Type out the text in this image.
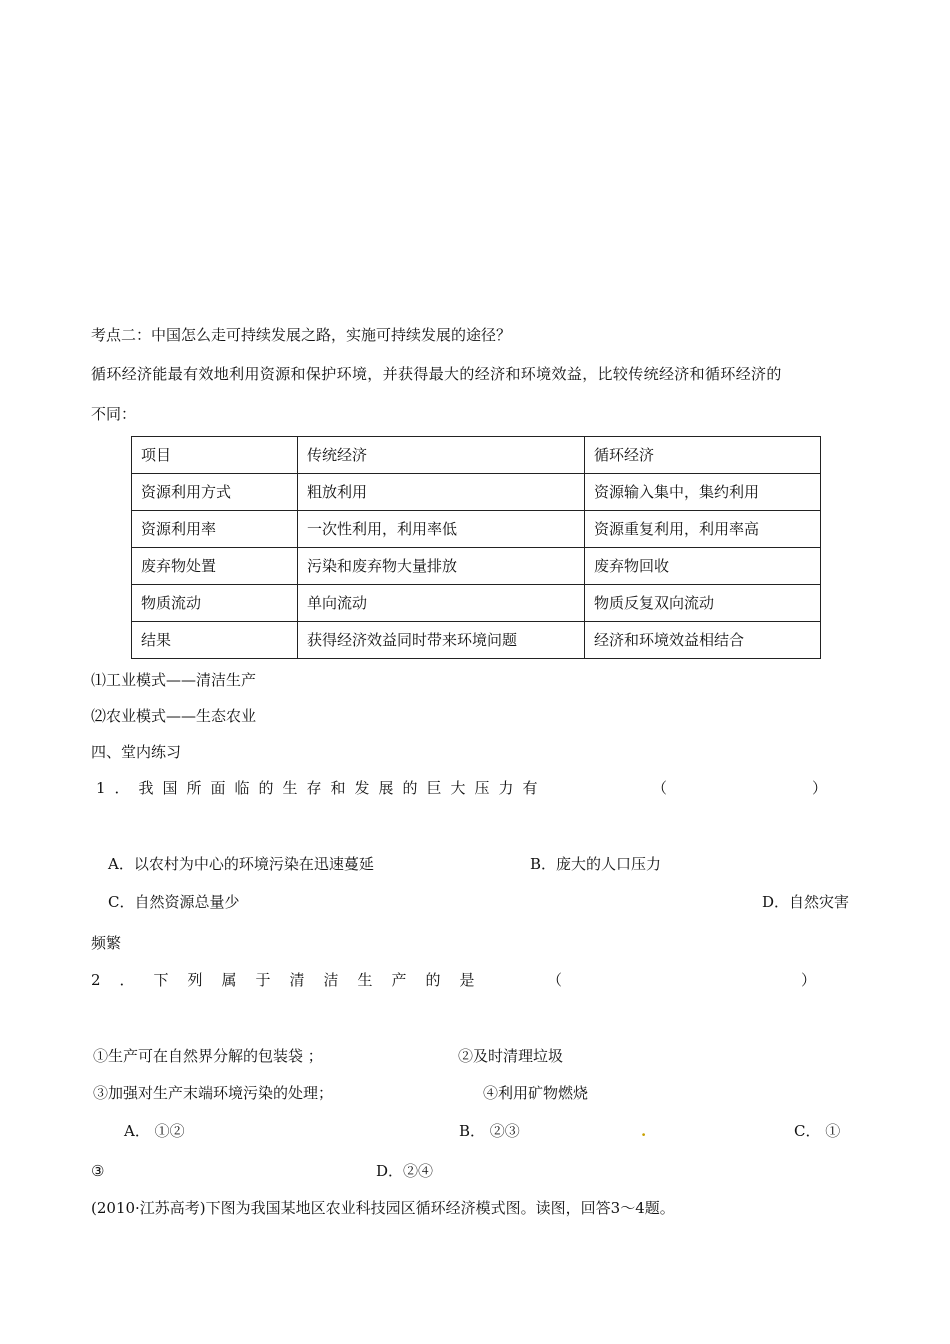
考点二：中国怎么走可持续发展之路，实施可持续发展的途径？
循环经济能最有效地利用资源和保护环境，并获得最大的经济和环境效益，比较传统经济和循环经济的
不同：
项目	传统经济	循环经济
资源利用方式	粗放利用	资源输入集中，集约利用
资源利用率	一次性利用，利用率低	资源重复利用，利用率高
废弃物处置	污染和废弃物大量排放	废弃物回收
物质流动	单向流动	物质反复双向流动
结果	获得经济效益同时带来环境问题	经济和环境效益相结合
⑴工业模式——清洁生产
⑵农业模式——生态农业
四、堂内练习
1．我国所面临的生存和发展的巨大压力有	（	）
A．以农村为中心的环境污染在迅速蔓延	B．庞大的人口压力
C．自然资源总量少	D．自然灾害
频繁
2．下列属于清洁生产的是	（	）
①生产可在自然界分解的包装袋 ；	②及时清理垃圾
③加强对生产末端环境污染的处理；	④利用矿物燃烧
A． ①②	B． ②③	.	C． ①
③	D．②④
(2010·江苏高考)下图为我国某地区农业科技园区循环经济模式图。读图，回答3～4题。
